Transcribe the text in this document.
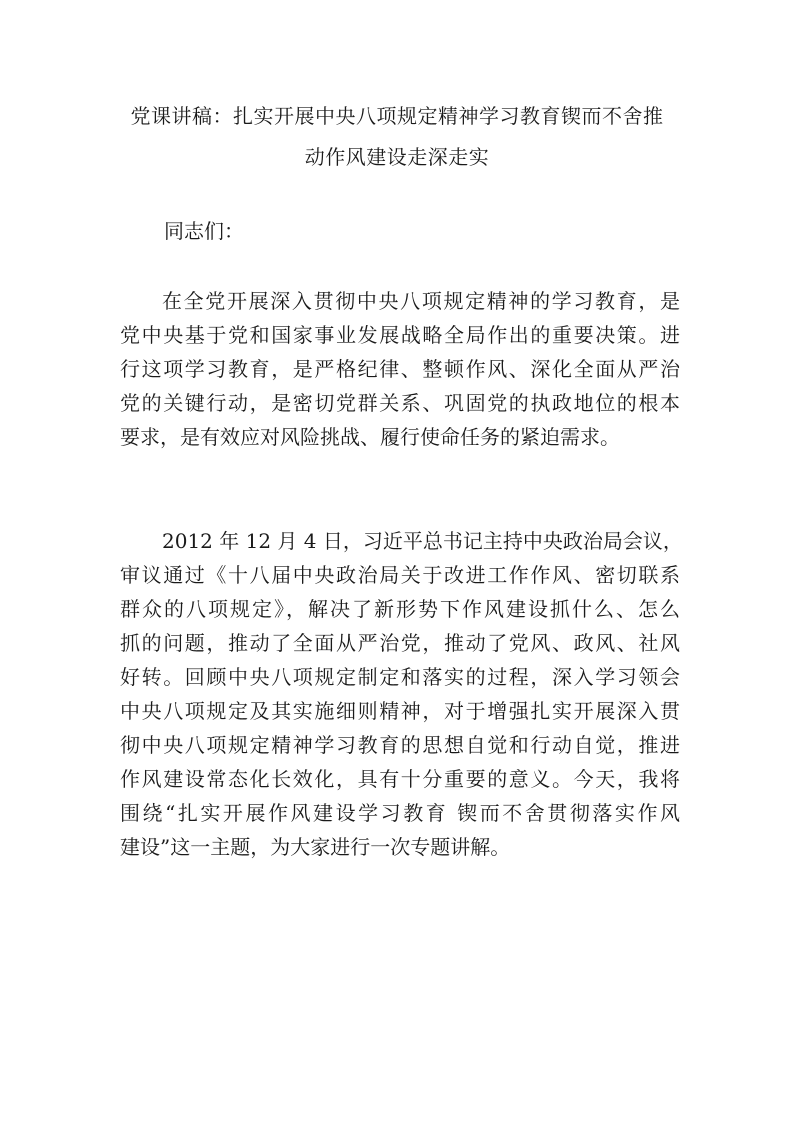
党课讲稿：扎实开展中央八项规定精神学习教育锲而不舍推
动作风建设走深走实

同志们：

在全党开展深入贯彻中央八项规定精神的学习教育，是
党中央基于党和国家事业发展战略全局作出的重要决策。进
行这项学习教育，是严格纪律、整顿作风、深化全面从严治
党的关键行动，是密切党群关系、巩固党的执政地位的根本
要求，是有效应对风险挑战、履行使命任务的紧迫需求。

2012 年 12 月 4 日，习近平总书记主持中央政治局会议，
审议通过《十八届中央政治局关于改进工作作风、密切联系
群众的八项规定》，解决了新形势下作风建设抓什么、怎么
抓的问题，推动了全面从严治党，推动了党风、政风、社风
好转。回顾中央八项规定制定和落实的过程，深入学习领会
中央八项规定及其实施细则精神，对于增强扎实开展深入贯
彻中央八项规定精神学习教育的思想自觉和行动自觉，推进
作风建设常态化长效化，具有十分重要的意义。今天，我将
围绕“扎实开展作风建设学习教育 锲而不舍贯彻落实作风
建设”这一主题，为大家进行一次专题讲解。
